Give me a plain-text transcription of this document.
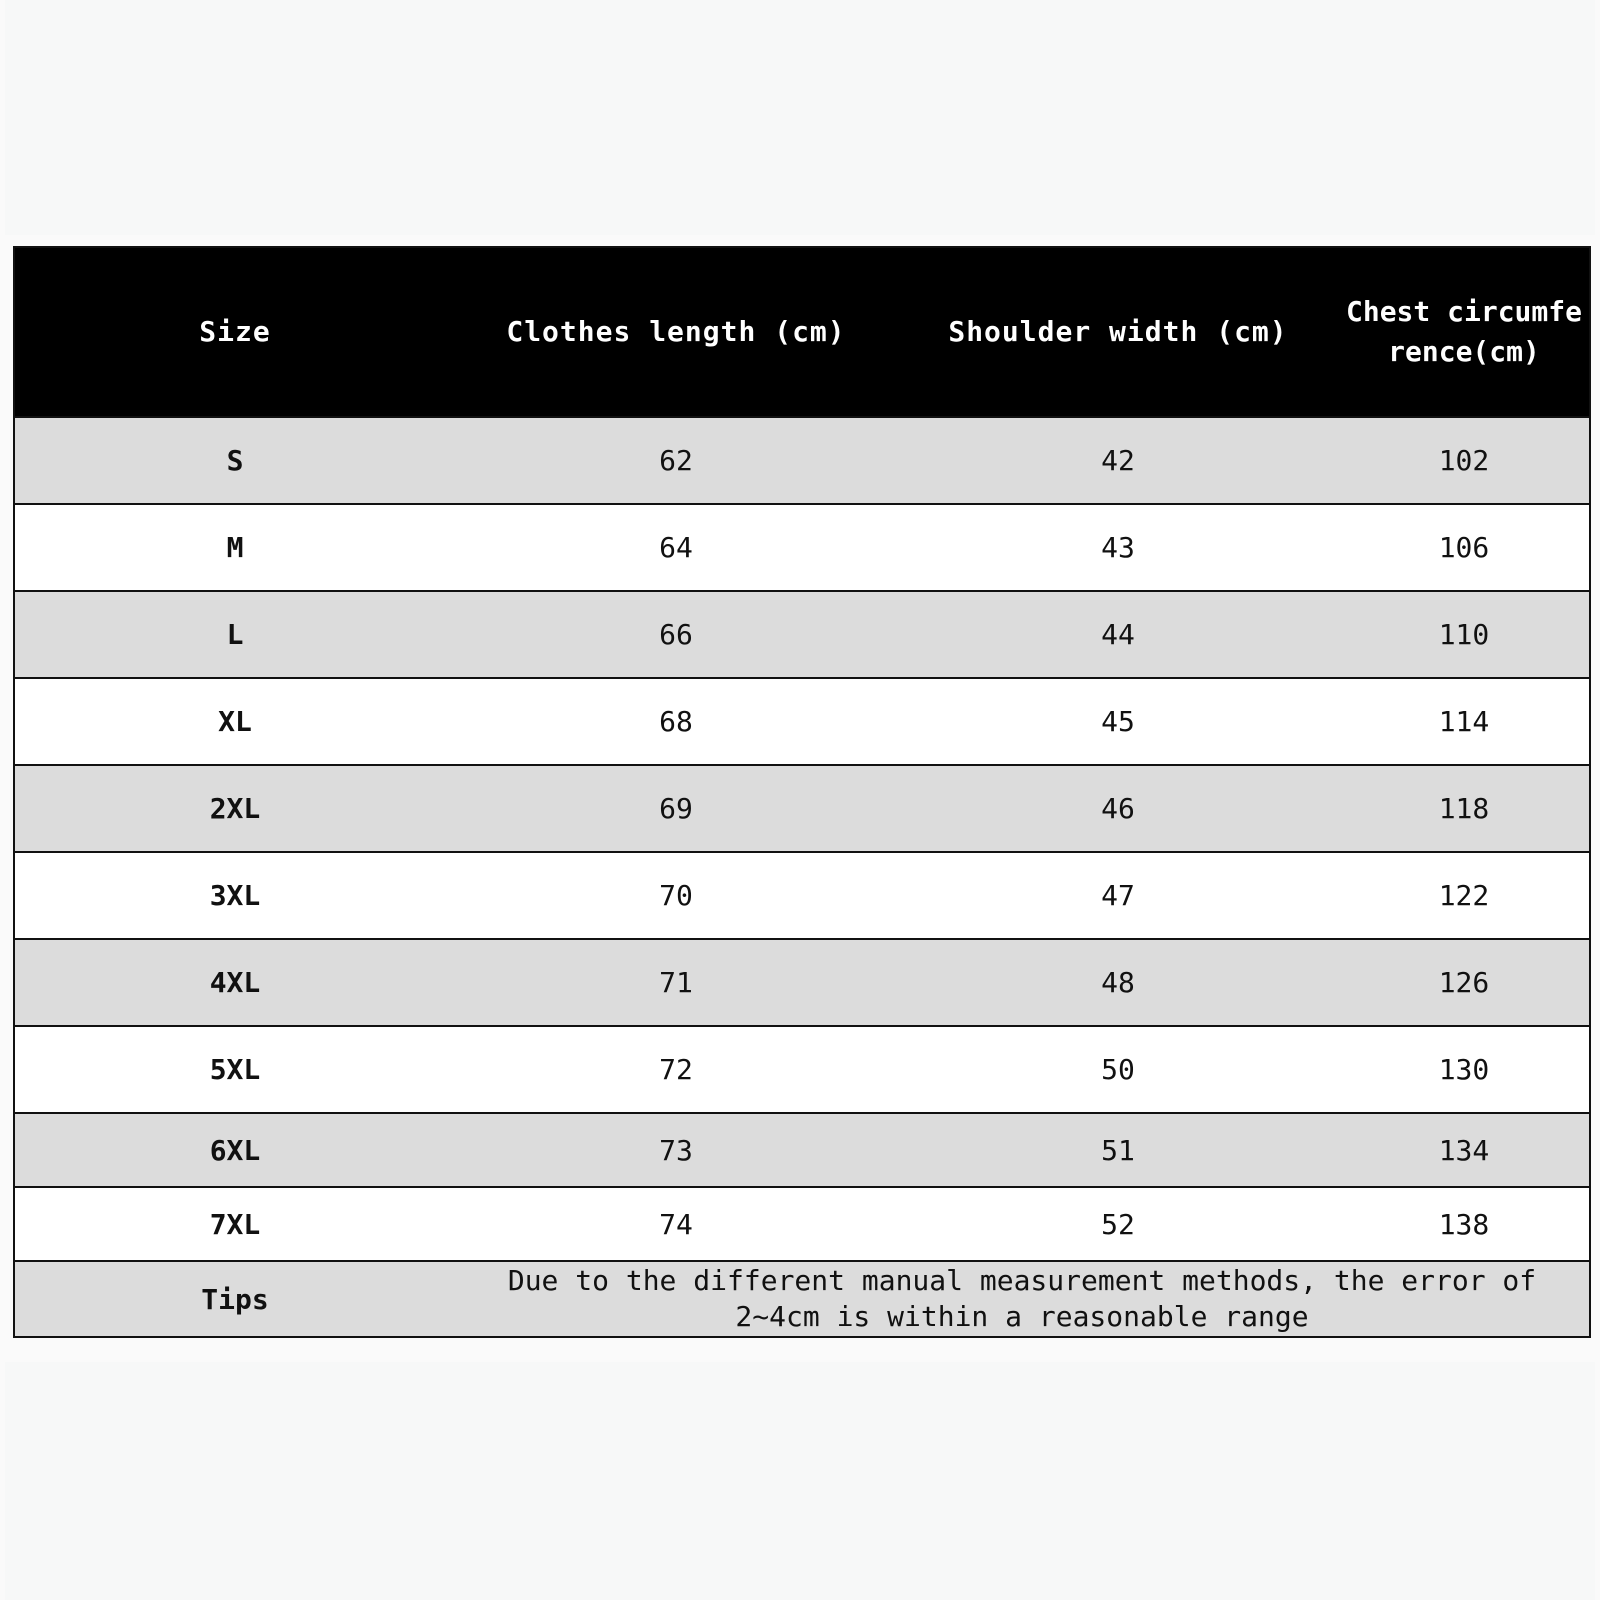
Size	Clothes length (cm)	Shoulder width (cm)	Chest circumference(cm)
S	62	42	102
M	64	43	106
L	66	44	110
XL	68	45	114
2XL	69	46	118
3XL	70	47	122
4XL	71	48	126
5XL	72	50	130
6XL	73	51	134
7XL	74	52	138
Tips	Due to the different manual measurement methods, the error of 2~4cm is within a reasonable range		
